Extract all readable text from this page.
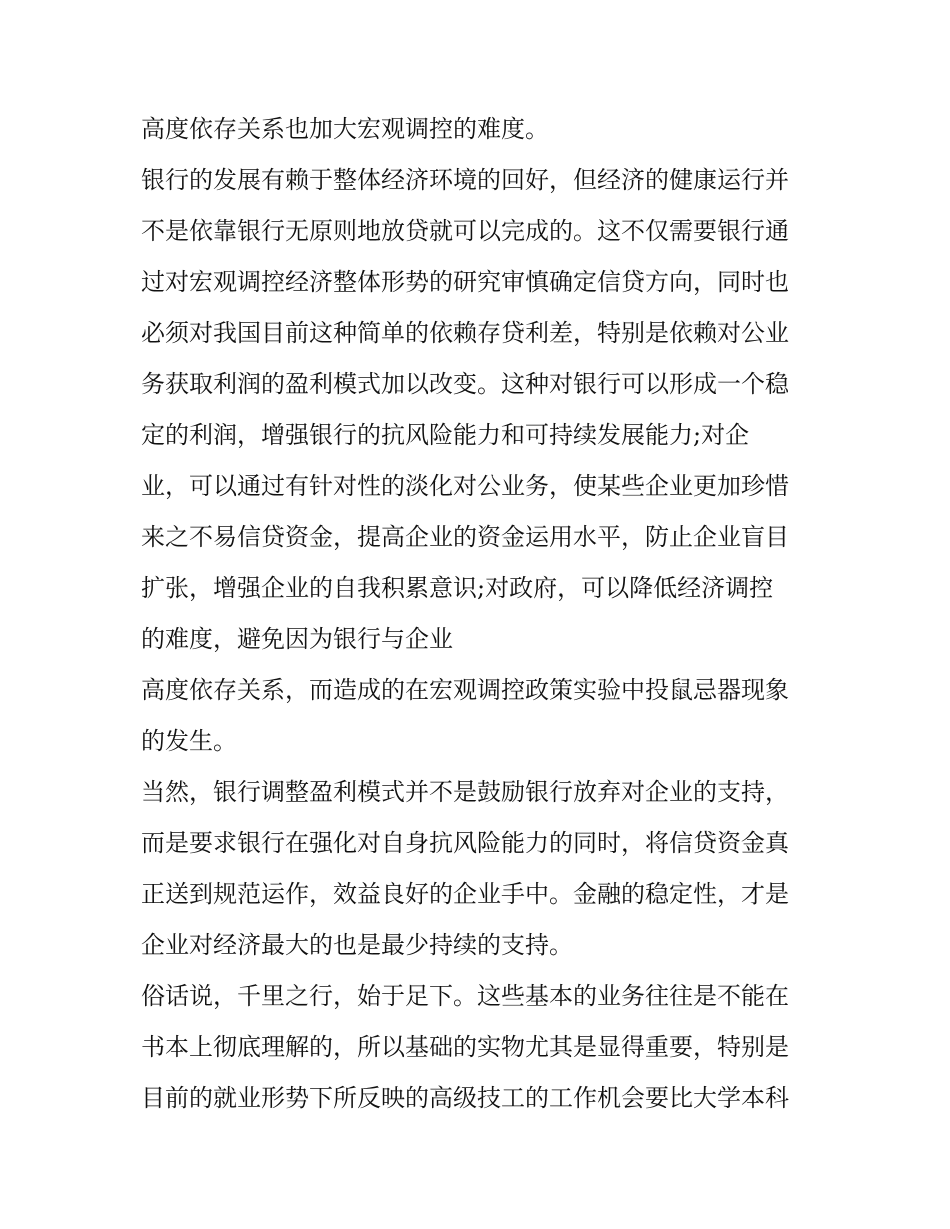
高度依存关系也加大宏观调控的难度。
银行的发展有赖于整体经济环境的回好，但经济的健康运行并
不是依靠银行无原则地放贷就可以完成的。这不仅需要银行通
过对宏观调控经济整体形势的研究审慎确定信贷方向，同时也
必须对我国目前这种简单的依赖存贷利差，特别是依赖对公业
务获取利润的盈利模式加以改变。这种对银行可以形成一个稳
定的利润，增强银行的抗风险能力和可持续发展能力;对企
业，可以通过有针对性的淡化对公业务，使某些企业更加珍惜
来之不易信贷资金，提高企业的资金运用水平，防止企业盲目
扩张，增强企业的自我积累意识;对政府，可以降低经济调控
的难度，避免因为银行与企业
高度依存关系，而造成的在宏观调控政策实验中投鼠忌器现象
的发生。
当然，银行调整盈利模式并不是鼓励银行放弃对企业的支持，
而是要求银行在强化对自身抗风险能力的同时，将信贷资金真
正送到规范运作，效益良好的企业手中。金融的稳定性，才是
企业对经济最大的也是最少持续的支持。
俗话说，千里之行，始于足下。这些基本的业务往往是不能在
书本上彻底理解的，所以基础的实物尤其是显得重要，特别是
目前的就业形势下所反映的高级技工的工作机会要比大学本科
